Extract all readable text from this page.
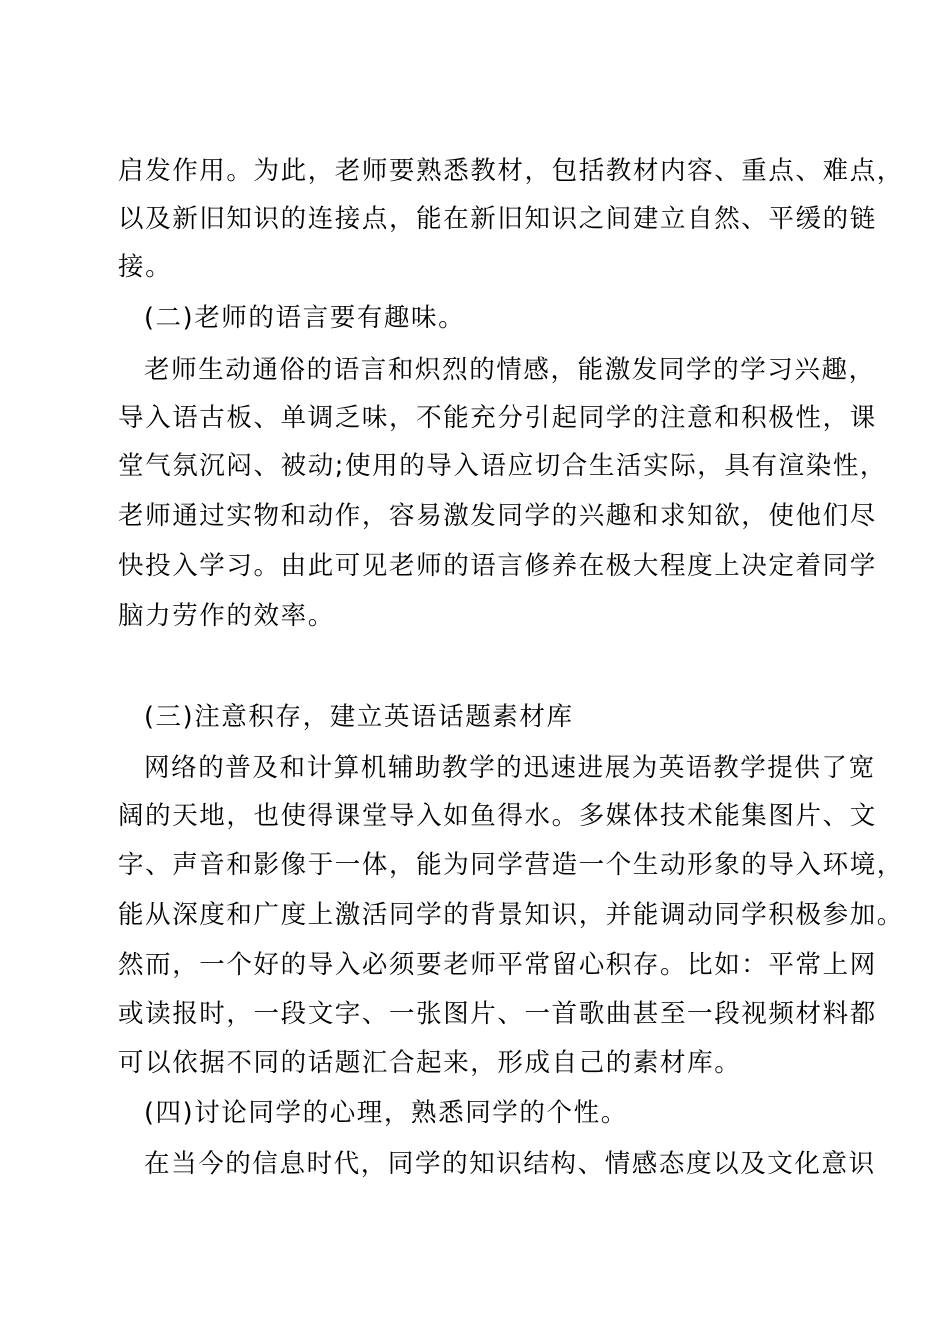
启发作用。为此，老师要熟悉教材，包括教材内容、重点、难点，
以及新旧知识的连接点，能在新旧知识之间建立自然、平缓的链
接。
(二)老师的语言要有趣味。
老师生动通俗的语言和炽烈的情感，能激发同学的学习兴趣，
导入语古板、单调乏味，不能充分引起同学的注意和积极性，课
堂气氛沉闷、被动;使用的导入语应切合生活实际，具有渲染性，
老师通过实物和动作，容易激发同学的兴趣和求知欲，使他们尽
快投入学习。由此可见老师的语言修养在极大程度上决定着同学
脑力劳作的效率。
(三)注意积存，建立英语话题素材库
网络的普及和计算机辅助教学的迅速进展为英语教学提供了宽
阔的天地，也使得课堂导入如鱼得水。多媒体技术能集图片、文
字、声音和影像于一体，能为同学营造一个生动形象的导入环境，
能从深度和广度上激活同学的背景知识，并能调动同学积极参加。
然而，一个好的导入必须要老师平常留心积存。比如：平常上网
或读报时，一段文字、一张图片、一首歌曲甚至一段视频材料都
可以依据不同的话题汇合起来，形成自己的素材库。
(四)讨论同学的心理，熟悉同学的个性。
在当今的信息时代，同学的知识结构、情感态度以及文化意识
